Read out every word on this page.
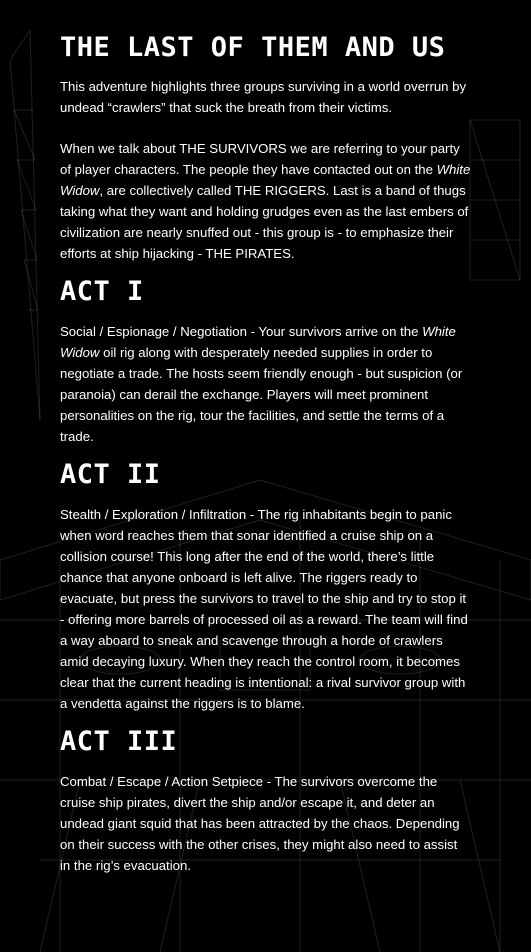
THE LAST OF THEM AND US

This adventure highlights three groups surviving in a world overrun by undead “crawlers” that suck the breath from their victims.

When we talk about THE SURVIVORS we are referring to your party of player characters. The people they have contacted out on the White Widow, are collectively called THE RIGGERS. Last is a band of thugs taking what they want and holding grudges even as the last embers of civilization are nearly snuffed out - this group is - to emphasize their efforts at ship hijacking - THE PIRATES.

ACT I

Social / Espionage / Negotiation - Your survivors arrive on the White Widow oil rig along with desperately needed supplies in order to negotiate a trade. The hosts seem friendly enough - but suspicion (or paranoia) can derail the exchange. Players will meet prominent personalities on the rig, tour the facilities, and settle the terms of a trade.

ACT II

Stealth / Exploration / Infiltration - The rig inhabitants begin to panic when word reaches them that sonar identified a cruise ship on a collision course! This long after the end of the world, there’s little chance that anyone onboard is left alive. The riggers ready to evacuate, but press the survivors to travel to the ship and try to stop it - offering more barrels of processed oil as a reward. The team will find a way aboard to sneak and scavenge through a horde of crawlers amid decaying luxury. When they reach the control room, it becomes clear that the current heading is intentional: a rival survivor group with a vendetta against the riggers is to blame.

ACT III

Combat / Escape / Action Setpiece - The survivors overcome the cruise ship pirates, divert the ship and/or escape it, and deter an undead giant squid that has been attracted by the chaos. Depending on their success with the other crises, they might also need to assist in the rig’s evacuation.
